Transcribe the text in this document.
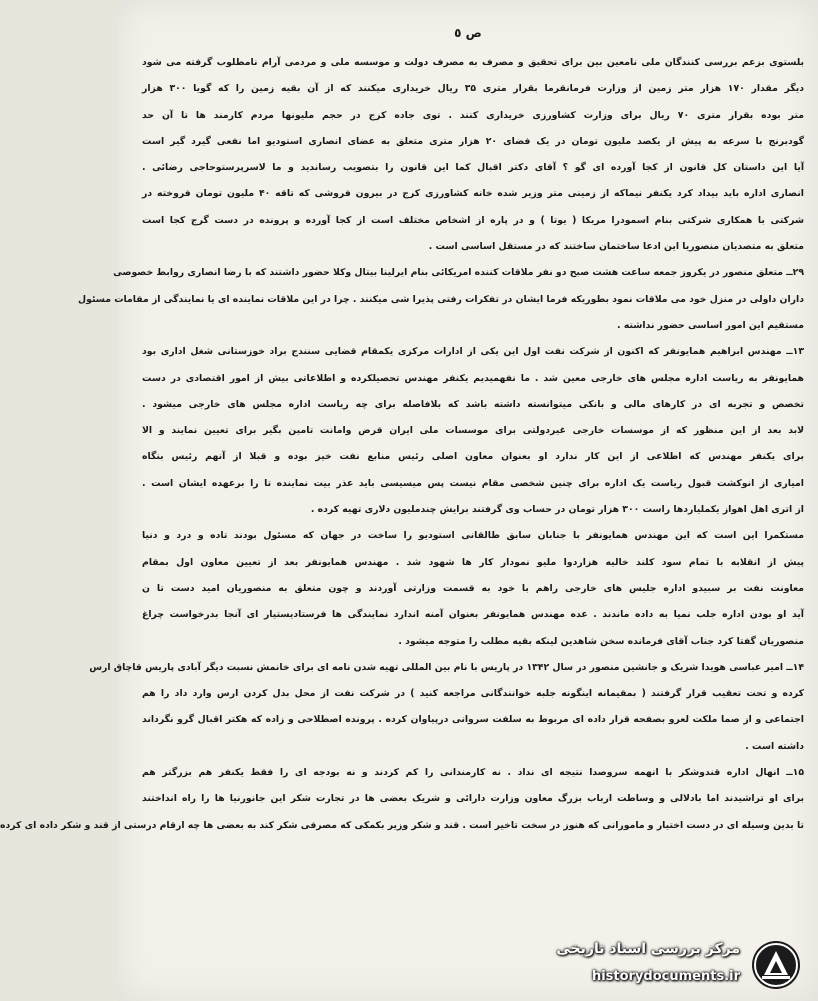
ص ٥
بلستوی بزعم بررسی کنندگان ملی نامعین بین برای تحقیق و مصرف به مصرف دولت و موسسه ملی و مردمی آرام نامطلوب گرفته می شود
دیگر مقدار ۱۷۰ هزار متر زمین از وزارت فرمانقرما بقرار متری ۳۵ ریال خریداری میکنند که از آن بقیه زمین را که گویا ۳۰۰ هزار
متر بوده بقرار متری ۷۰ ریال برای وزارت کشاورزی خریداری کنند . توی جاده کرج در حجم ملیونها مردم کارمند ها تا آن حد
گودبرنج با سرعه به پیش از یکصد ملیون تومان در یک فضای ۲۰ هزار متری متعلق به عضای انصاری استودیو اما نفعی گیرد گیر است
آیا این داستان کل قانون از کجا آورده ای گو ؟ آقای دکتر اقبال کما این قانون را بتصویب رساندید و ما لاسرپرستوحاجی رضائی .
انصاری اداره باید بیداد کرد یکنفر نیماکه از زمینی متر وزیر شده خانه کشاورزی کرج در بیرون فروشی که تاقه ۴۰ ملیون تومان فروخته در
شرکتی با همکاری شرکتی بنام اسمودرا مریکا ( یوتا ) و در پاره از اشخاص مختلف است از کجا آورده و پرونده در دست گرج کجا است
متعلق به متصدیان منصوریا این ادعا ساختمان ساختند که در مستقل اساسی است .
۲۹ــ متعلق منصور در یکروز جمعه ساعت هشت صبح دو نفر ملاقات کننده امریکائی بنام ایرلینا بیتال وکلا حضور داشتند که با رضا انصاری روابط خصوصی
داران داولی در منزل خود می ملاقات نمود بطوریکه فرما ایشان در تفکرات رفتی پذیرا شی میکنند . چرا در این ملاقات نماینده ای یا نمایندگی از مقامات مسئول
مستقیم این امور اساسی حضور نداشته .
۱۳ــ مهندس ابراهیم همایونفر که اکنون از شرکت نفت اول این یکی از ادارات مرکزی یکمقام قضایی سنندج براد خوزستانی شغل اداری بود
همایونفر به ریاست اداره مجلس های خارجی معین شد . ما نفهمیدیم یکنفر مهندس تحصیلکرده و اطلاعاتی بیش از امور اقتصادی در دست
تخصص و تجربه ای در کارهای مالی و بانکی میتوانسته داشته باشد که بلافاصله برای چه ریاست اداره مجلس های خارجی میشود .
لابد بعد از این منظور که از موسسات خارجی غیردولتی برای موسسات ملی ایران قرض وامانت تامین بگیر برای تعیین نمایند و الا
برای یکنفر مهندس که اطلاعی از این کار ندارد او بعنوان معاون اصلی رئیس منابع نفت خیز بوده و قبلا از آنهم رئیس بنگاه
امیاری از انوکشت قبول ریاست یک اداره برای چنین شخصی مقام نیست پس میسیسی باید عذر بیت نماینده تا را برعهده ایشان است .
از اتری اهل اهواز یکملیاردها راست ۳۰۰ هزار تومان در حساب وی گرفتند برایش چندملیون دلاری تهیه کرده .
مستکمرا این است که این مهندس همایونفر با جنابان سابق طالقانی استودیو را ساخت در جهان که مسئول بودند تاده و درد و دنیا
پیش از انقلابه با تمام سود کلند خالیه هزاردوا ملیو نمودار کار ها شهود شد . مهندس همایونفر بعد از تعیین معاون اول بمقام
معاونت نفت بر سبیدو اداره جلیس های خارجی راهم با خود به قسمت وزارتی آوردند و چون متعلق به منصوریان امید دست تا ن
آید او بودن اداره جلب نمیا به داده ماندند . عده مهندس همایونفر بعنوان آمنه اندارد نمایندگی ها فرستادیستیار ای آنجا بدرخواست چراغ
منصوریان گفتا کرد جناب آقای فرمانده سخن شاهدین لینکه بقیه مطلب را متوجه میشود .
۱۴ــ امیر عباسی هویدا شریک و جانشین منصور در سال ۱۳۴۲ در پاریس با نام بین المللی تهیه شدن نامه ای برای خانمش نسبت دیگر آبادی پاریس قاچاق ارس
کرده و تحت تعقیب قرار گرفتند ( بمقیمانه اینگونه جلبه خوانندگانی مراجعه کنید ) در شرکت نفت از محل بدل کردن ارس وارد داد را هم
اجتماعی و از صما ملکت لعرو بصفحه قرار داده ای مربوط به سلفت سروانی درپیاوان کرده . پرونده اصطلاحی و زاده که هکتر اقبال گرو نگرداند
داشته است .
۱۵ــ انهال اداره قندوشکر با انهمه سروصدا نتیجه ای نداد . نه کارمندانی را کم کردند و نه بودجه ای را فقط یکنفر هم بزرگتر هم
برای او تراشیدند اما بادلالی و وساطت ارباب بزرگ معاون وزارت دارائی و شریک بعضی ها در تجارت شکر این جانورنیا ها را راه انداختند
تا بدین وسیله ای در دست اختیار و مامورانی که هنوز در سخت تاخیر است . قند و شکر وزیر بکمکی که مصرفی شکر کند به بعضی ها چه ارقام درستی از قند و شکر داده ای کرده
مرکز بررسی اسناد تاریخی
historydocuments.ir
